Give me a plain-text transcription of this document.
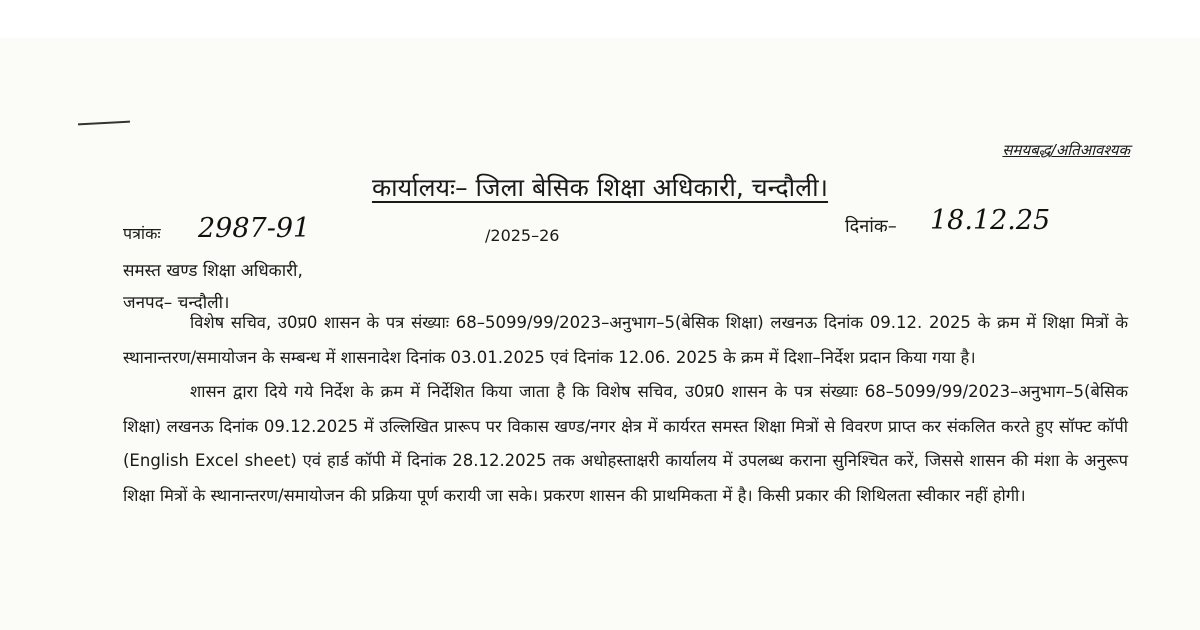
समयबद्ध/अतिआवश्यक
कार्यालयः– जिला बेसिक शिक्षा अधिकारी, चन्दौली।
पत्रांकः 2987-91	/2025–26	दिनांक– 18.12.25
समस्त खण्ड शिक्षा अधिकारी,
जनपद– चन्दौली।

विशेष सचिव, उ0प्र0 शासन के पत्र संख्याः 68–5099/99/2023–अनुभाग–5(बेसिक शिक्षा) लखनऊ दिनांक 09.12. 2025 के क्रम में शिक्षा मित्रों के स्थानान्तरण/समायोजन के सम्बन्ध में शासनादेश दिनांक 03.01.2025 एवं दिनांक 12.06. 2025 के क्रम में दिशा–निर्देश प्रदान किया गया है।

शासन द्वारा दिये गये निर्देश के क्रम में निर्देशित किया जाता है कि विशेष सचिव, उ0प्र0 शासन के पत्र संख्याः 68–5099/99/2023–अनुभाग–5(बेसिक शिक्षा) लखनऊ दिनांक 09.12.2025 में उल्लिखित प्रारूप पर विकास खण्ड/नगर क्षेत्र में कार्यरत समस्त शिक्षा मित्रों से विवरण प्राप्त कर संकलित करते हुए सॉफ्ट कॉपी (English Excel sheet) एवं हार्ड कॉपी में दिनांक 28.12.2025 तक अधोहस्ताक्षरी कार्यालय में उपलब्ध कराना सुनिश्चित करें, जिससे शासन की मंशा के अनुरूप शिक्षा मित्रों के स्थानान्तरण/समायोजन की प्रक्रिया पूर्ण करायी जा सके। प्रकरण शासन की प्राथमिकता में है। किसी प्रकार की शिथिलता स्वीकार नहीं होगी।
